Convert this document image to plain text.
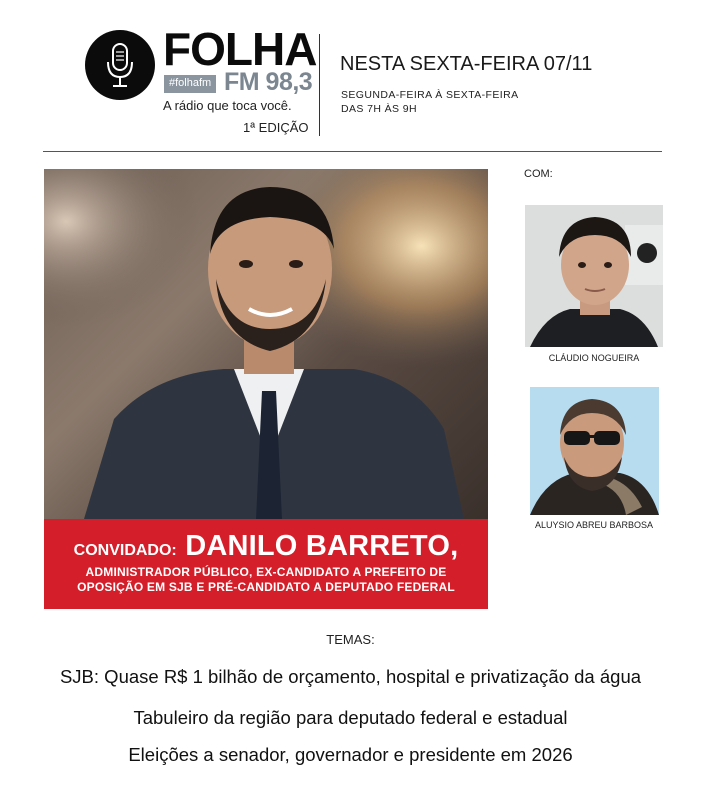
FOLHA
#folhafm FM 98,3
A rádio que toca você.
1ª EDIÇÃO
NESTA SEXTA-FEIRA 07/11
SEGUNDA-FEIRA À SEXTA-FEIRA
DAS 7H ÀS 9H
CONVIDADO: DANILO BARRETO,
ADMINISTRADOR PÚBLICO, EX-CANDIDATO A PREFEITO DE
OPOSIÇÃO EM SJB E PRÉ-CANDIDATO A DEPUTADO FEDERAL
COM:
CLÁUDIO NOGUEIRA
ALUYSIO ABREU BARBOSA
TEMAS:
SJB: Quase R$ 1 bilhão de orçamento, hospital e privatização da água
Tabuleiro da região para deputado federal e estadual
Eleições a senador, governador e presidente em 2026
